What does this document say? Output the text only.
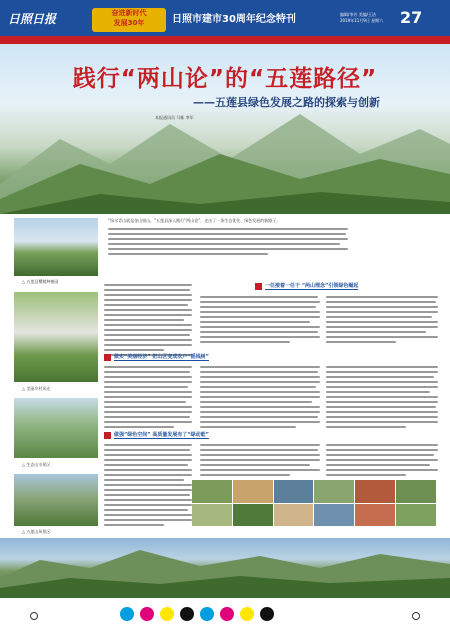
日照日报	奋进新时代
发展30年	日照市建市30周年纪念特刊	编辑/李芳 美编/王洁
2019年11月9日 星期六 27
践行“两山论”的“五莲路径”
——五莲县绿色发展之路的探索与创新
本报通讯员 马栋 李军
△ 五莲县樱桃种植园
△ 美丽乡村风光
△ 生态山水景区
△ 五莲山风景区
“绿水青山就是金山银山。”五莲县深入践行“两山论”，走出了一条生态优先、绿色发展的新路子。
一任接着一任干 “两山理念”引领绿色崛起
做实“美丽经济” 把山区变成农户“摇钱树”
做强“绿色空间” 高质量发展有了“绿动能”
